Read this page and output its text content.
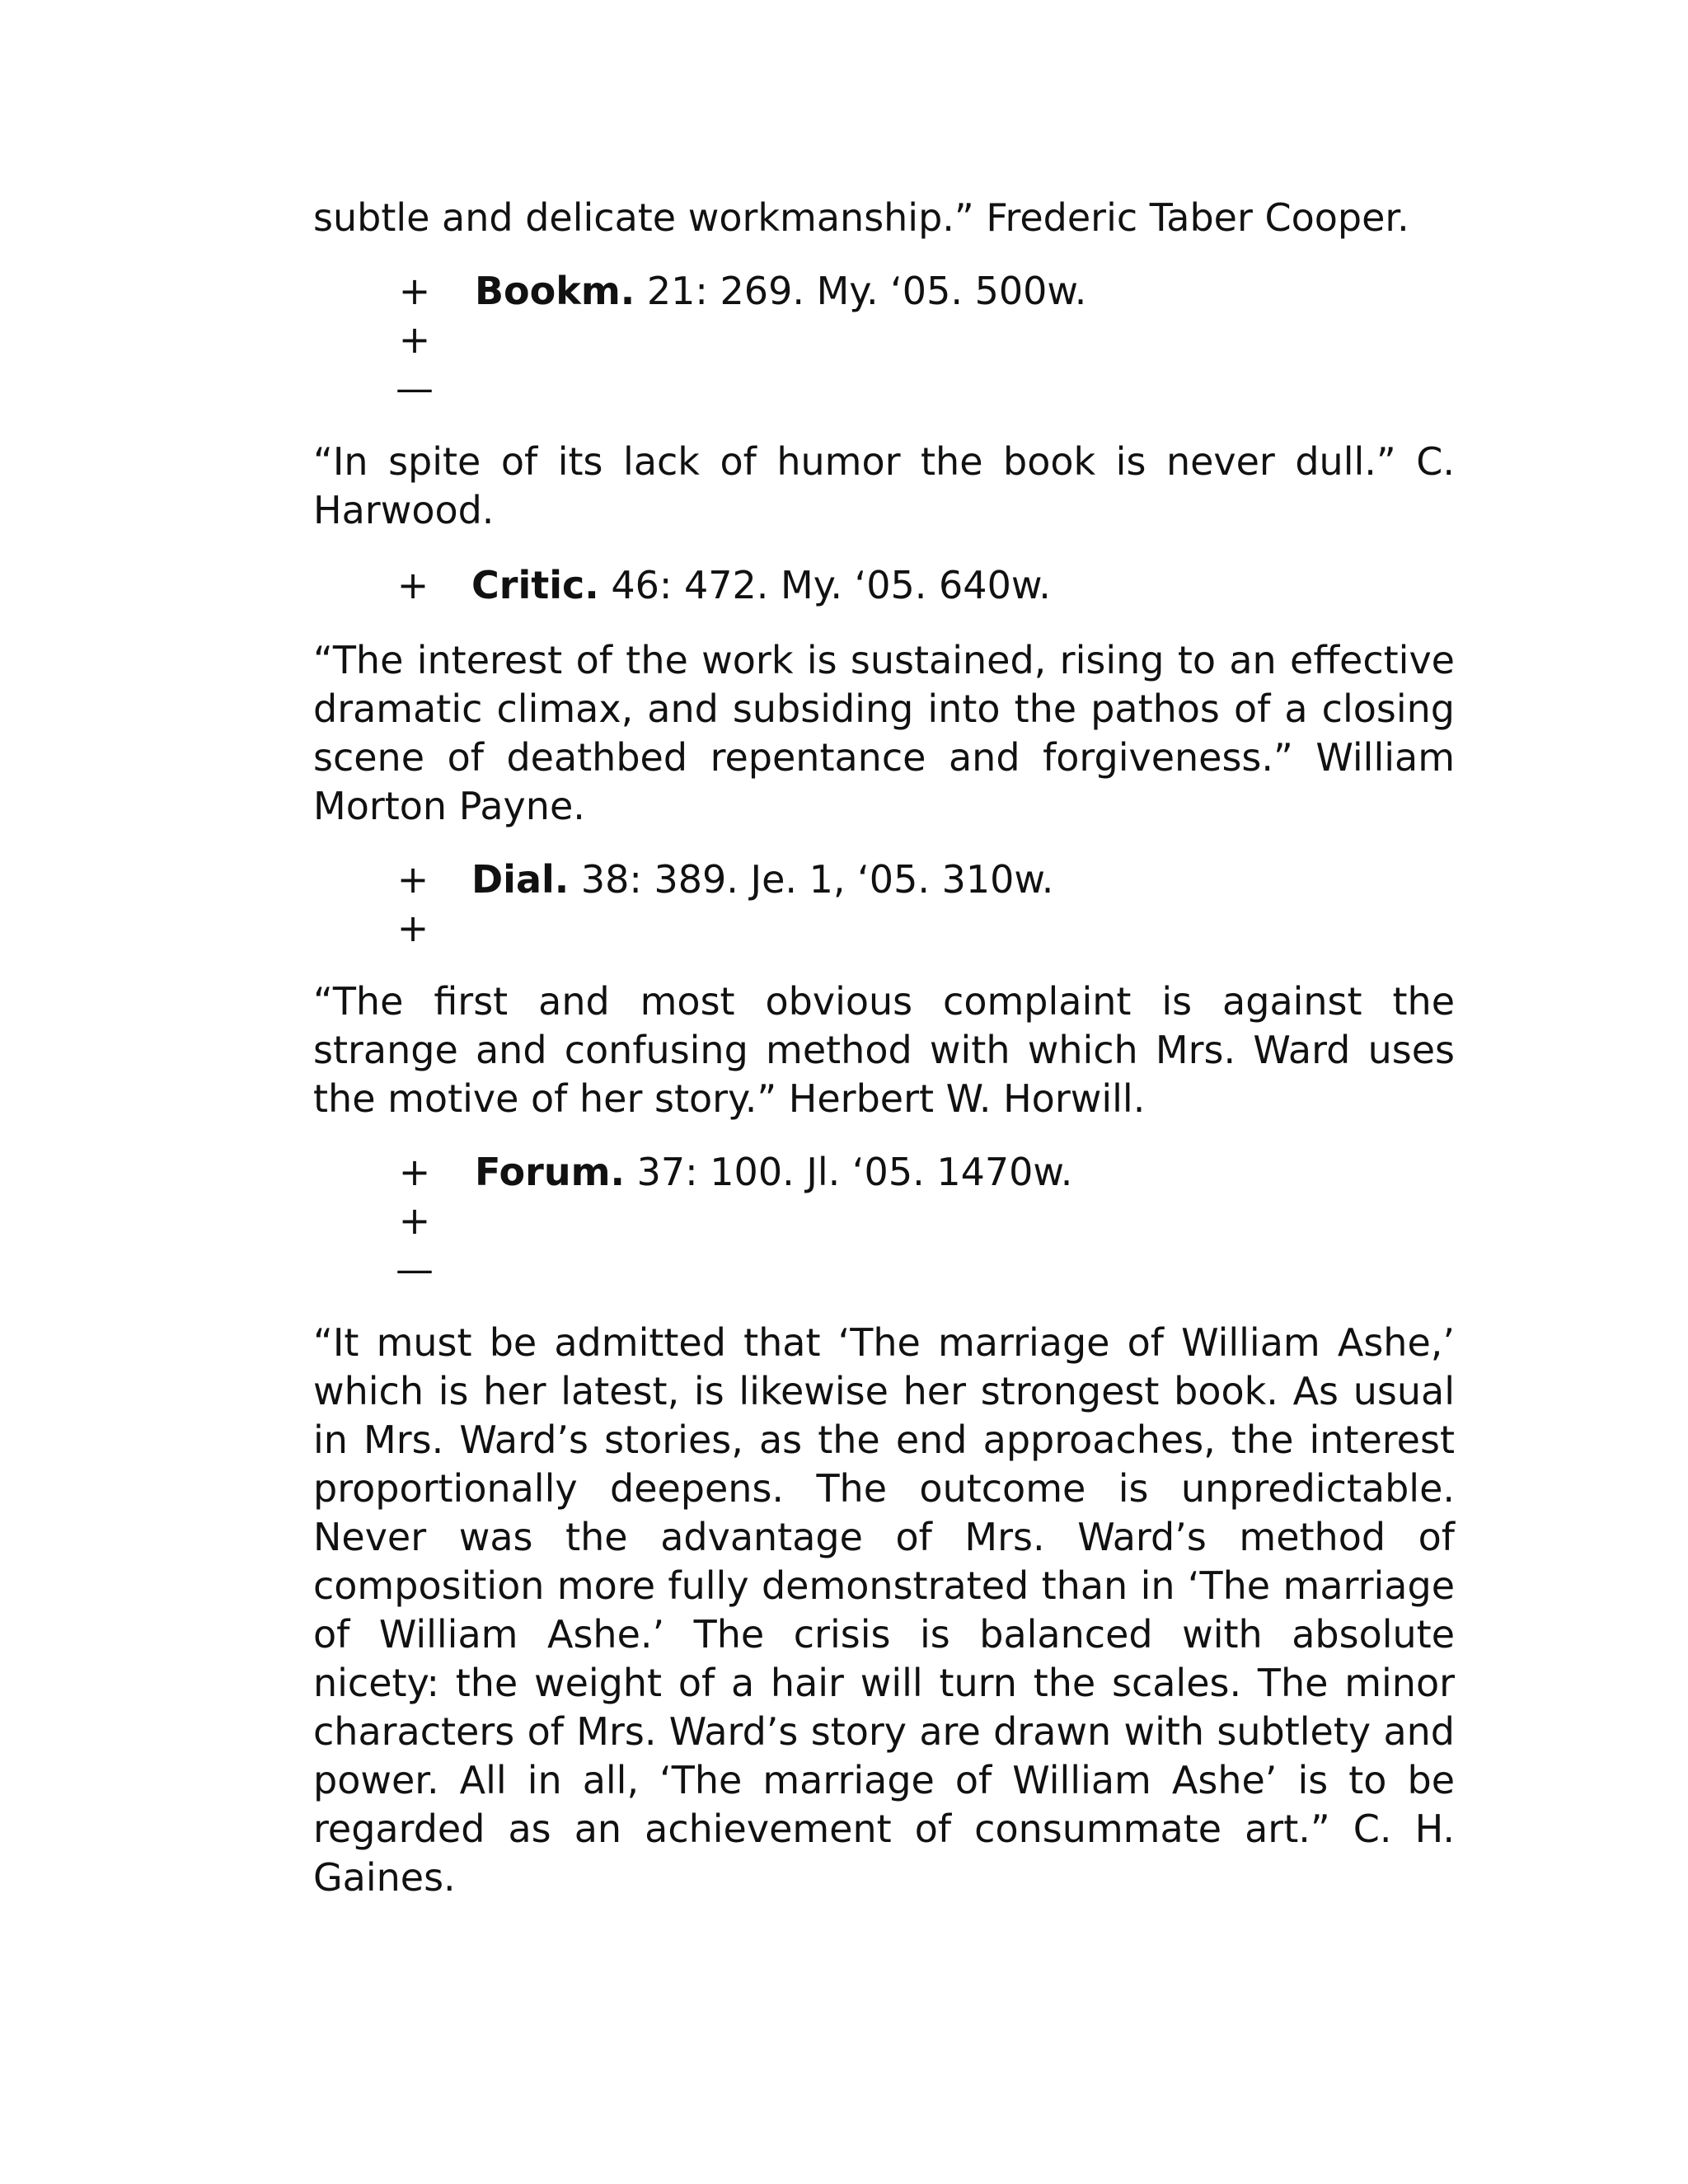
subtle and delicate workmanship.” Frederic Taber Cooper.

+
+
—
Bookm. 21: 269. My. ‘05. 500w.

“In spite of its lack of humor the book is never dull.” C. Harwood.

+ Critic. 46: 472. My. ‘05. 640w.

“The interest of the work is sustained, rising to an effective dramatic climax, and subsiding into the pathos of a closing scene of deathbed repentance and forgiveness.” William Morton Payne.

+
+
Dial. 38: 389. Je. 1, ‘05. 310w.

“The first and most obvious complaint is against the strange and confusing method with which Mrs. Ward uses the motive of her story.” Herbert W. Horwill.

+
+
—
Forum. 37: 100. Jl. ‘05. 1470w.

“It must be admitted that ‘The marriage of William Ashe,’ which is her latest, is likewise her strongest book. As usual in Mrs. Ward’s stories, as the end approaches, the interest proportionally deepens. The outcome is unpredictable. Never was the advantage of Mrs. Ward’s method of composition more fully demonstrated than in ‘The marriage of William Ashe.’ The crisis is balanced with absolute nicety: the weight of a hair will turn the scales. The minor characters of Mrs. Ward’s story are drawn with subtlety and power. All in all, ‘The marriage of William Ashe’ is to be regarded as an achievement of consummate art.” C. H. Gaines.
